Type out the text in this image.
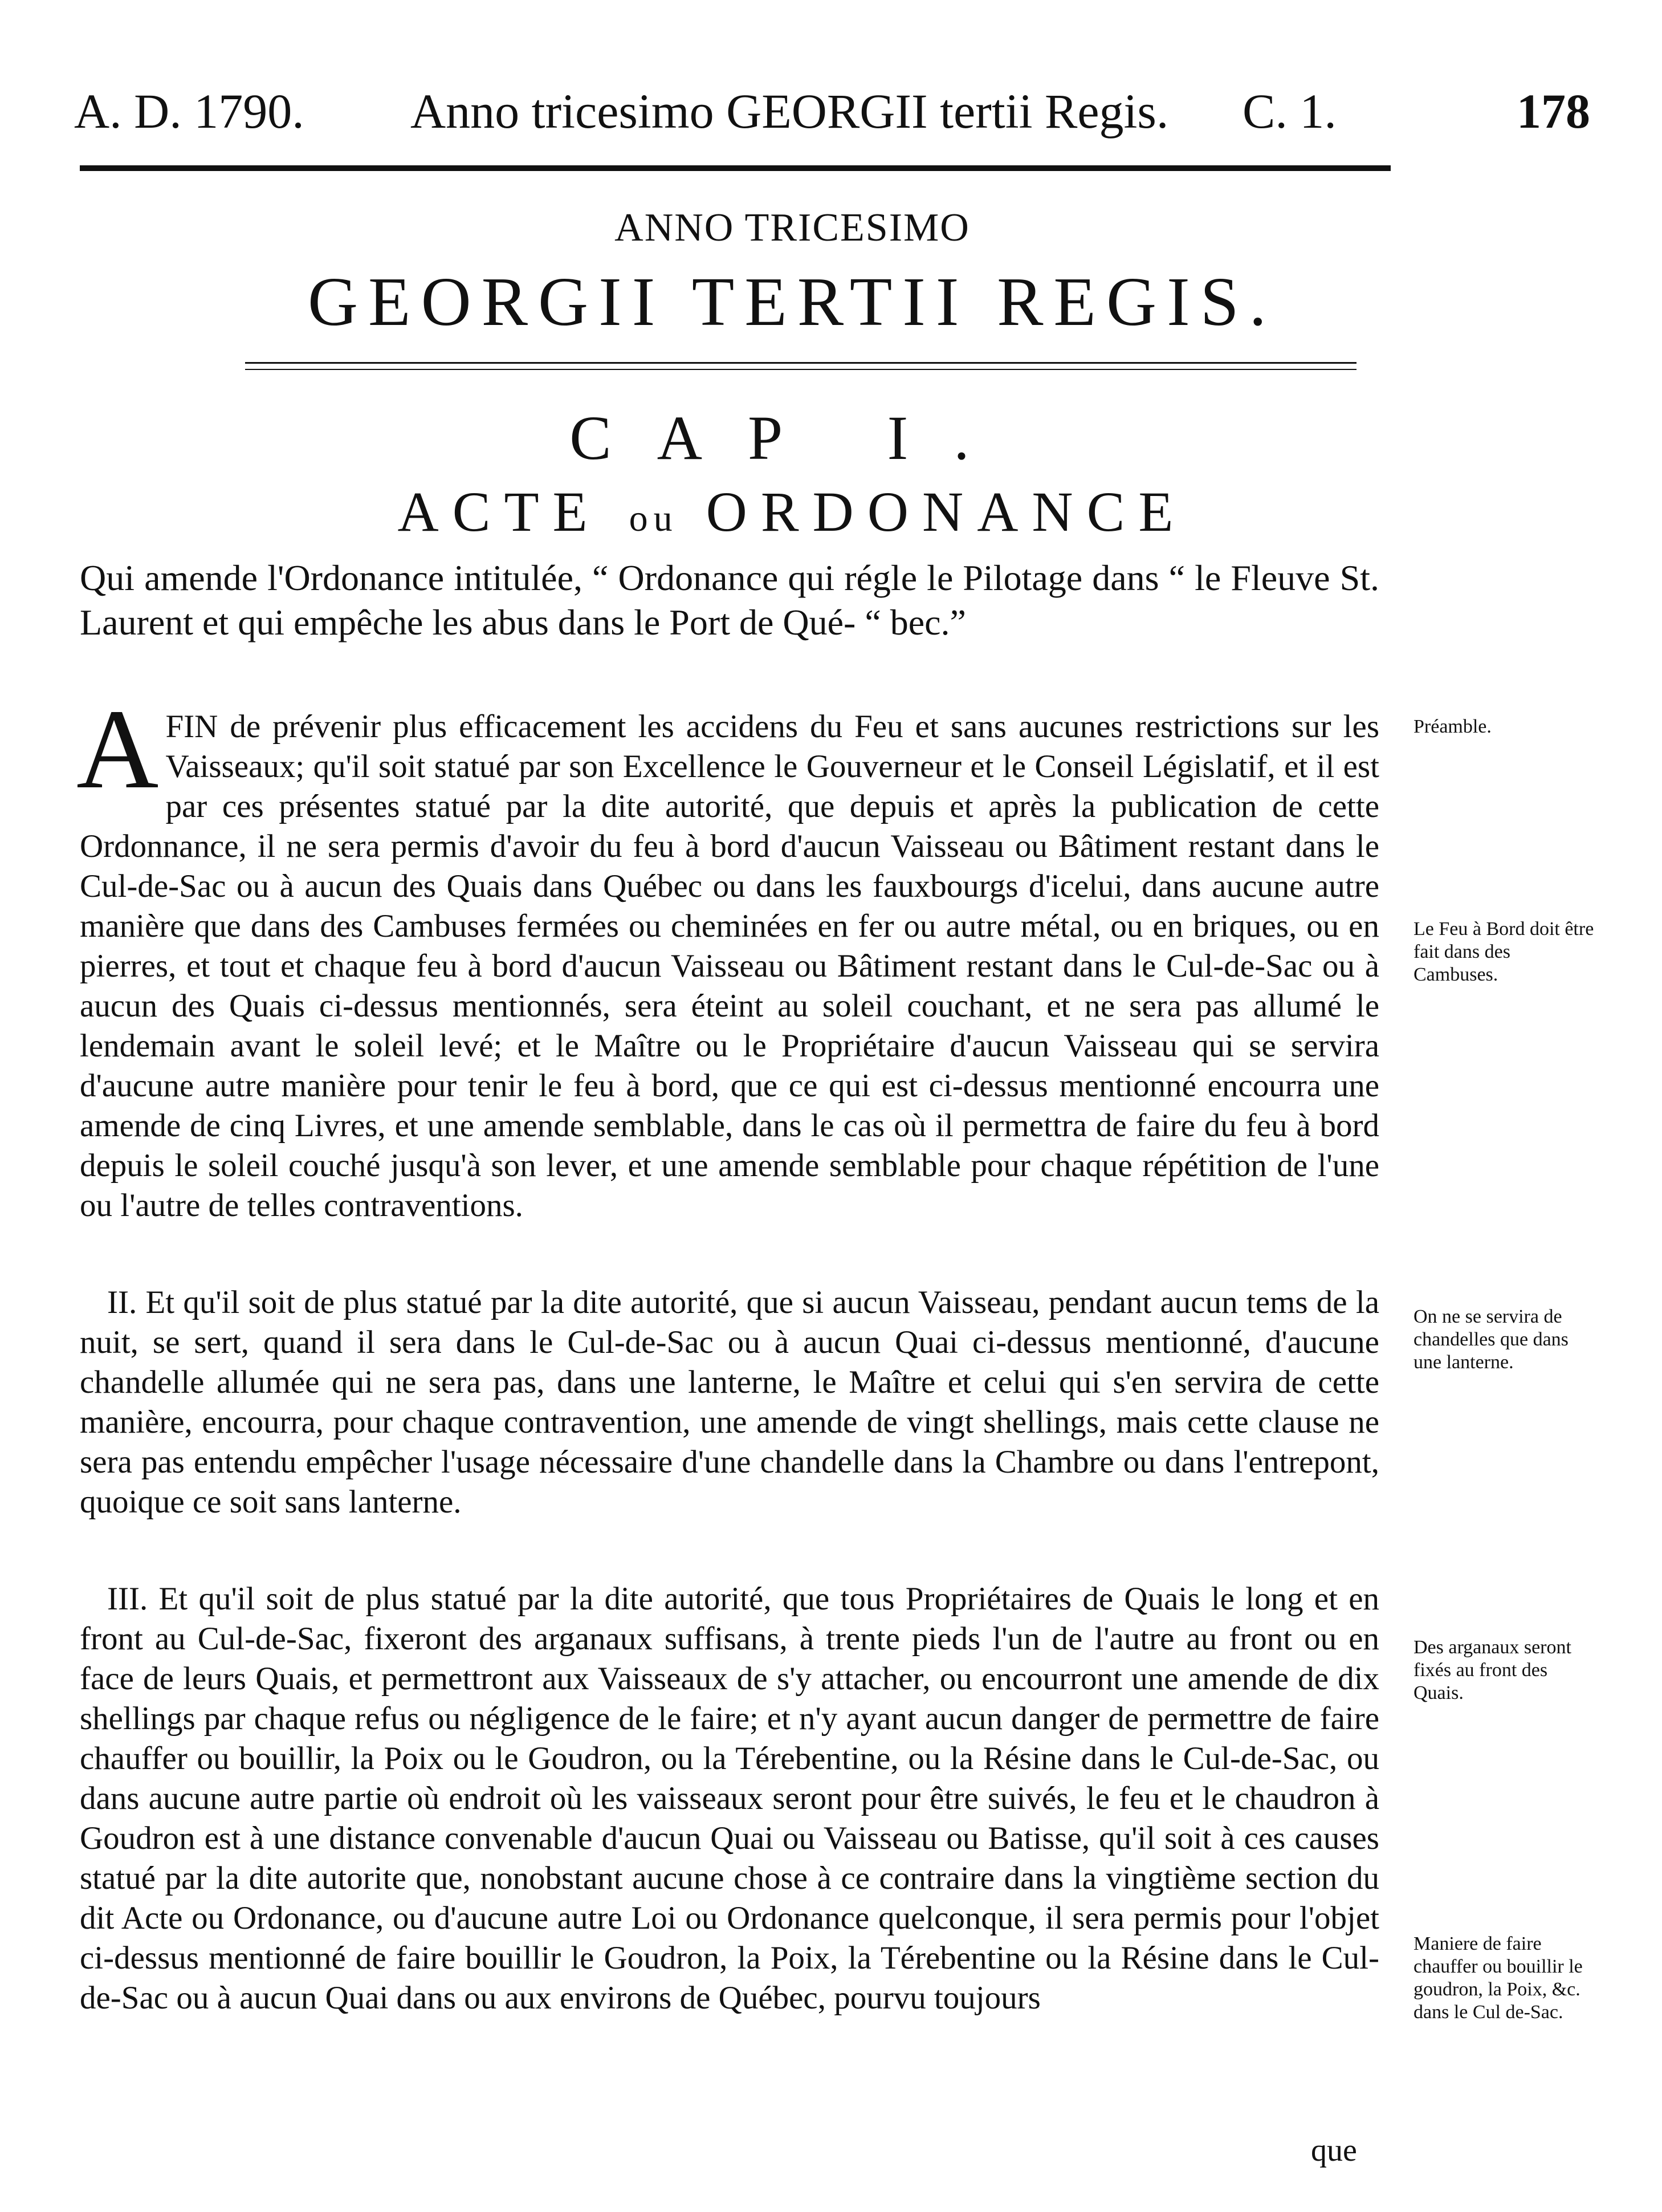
A. D. 1790. Anno tricesimo GEORGII tertii Regis. C. 1.	178
ANNO TRICESIMO
GEORGII TERTII REGIS.
CAP I.
ACTE ou ORDONANCE
Qui amende l'Ordonance intitulée, “ Ordonance qui régle le Pilotage dans “ le Fleuve St. Laurent et qui empêche les abus dans le Port de Qué- “ bec.”
AFIN de prévenir plus efficacement les accidens du Feu et sans aucunes restrictions sur les Vaisseaux; qu'il soit statué par son Excellence le Gouverneur et le Conseil Législatif, et il est par ces présentes statué par la dite autorité, que depuis et après la publication de cette Ordonnance, il ne sera permis d'avoir du feu à bord d'aucun Vaisseau ou Bâtiment restant dans le Cul-de-Sac ou à aucun des Quais dans Québec ou dans les fauxbourgs d'icelui, dans aucune autre manière que dans des Cambuses fermées ou cheminées en fer ou autre métal, ou en briques, ou en pierres, et tout et chaque feu à bord d'aucun Vaisseau ou Bâtiment restant dans le Cul-de-Sac ou à aucun des Quais ci-dessus mentionnés, sera éteint au soleil couchant, et ne sera pas allumé le lendemain avant le soleil levé; et le Maître ou le Propriétaire d'aucun Vaisseau qui se servira d'aucune autre manière pour tenir le feu à bord, que ce qui est ci-dessus mentionné encourra une amende de cinq Livres, et une amende semblable, dans le cas où il permettra de faire du feu à bord depuis le soleil couché jusqu'à son lever, et une amende semblable pour chaque répétition de l'une ou l'autre de telles contraventions.
II. Et qu'il soit de plus statué par la dite autorité, que si aucun Vaisseau, pendant aucun tems de la nuit, se sert, quand il sera dans le Cul-de-Sac ou à aucun Quai ci-dessus mentionné, d'aucune chandelle allumée qui ne sera pas, dans une lanterne, le Maître et celui qui s'en servira de cette manière, encourra, pour chaque contravention, une amende de vingt shellings, mais cette clause ne sera pas entendu empêcher l'usage nécessaire d'une chandelle dans la Chambre ou dans l'entrepont, quoique ce soit sans lanterne.
III. Et qu'il soit de plus statué par la dite autorité, que tous Propriétaires de Quais le long et en front au Cul-de-Sac, fixeront des arganaux suffisans, à trente pieds l'un de l'autre au front ou en face de leurs Quais, et permettront aux Vaisseaux de s'y attacher, ou encourront une amende de dix shellings par chaque refus ou négligence de le faire; et n'y ayant aucun danger de permettre de faire chauffer ou bouillir, la Poix ou le Goudron, ou la Térebentine, ou la Résine dans le Cul-de-Sac, ou dans aucune autre partie où endroit où les vaisseaux seront pour être suivés, le feu et le chaudron à Goudron est à une distance convenable d'aucun Quai ou Vaisseau ou Batisse, qu'il soit à ces causes statué par la dite autorite que, nonobstant aucune chose à ce contraire dans la vingtième section du dit Acte ou Ordonance, ou d'aucune autre Loi ou Ordonance quelconque, il sera permis pour l'objet ci-dessus mentionné de faire bouillir le Goudron, la Poix, la Térebentine ou la Résine dans le Cul-de-Sac ou à aucun Quai dans ou aux environs de Québec, pourvu toujours
que
Préamble.
Le Feu à Bord doit être fait dans des Cambuses.
On ne se servira de chandelles que dans une lanterne.
Des arganaux seront fixés au front des Quais.
Maniere de faire chauffer ou bouillir le goudron, la Poix, &c. dans le Cul de-Sac.
